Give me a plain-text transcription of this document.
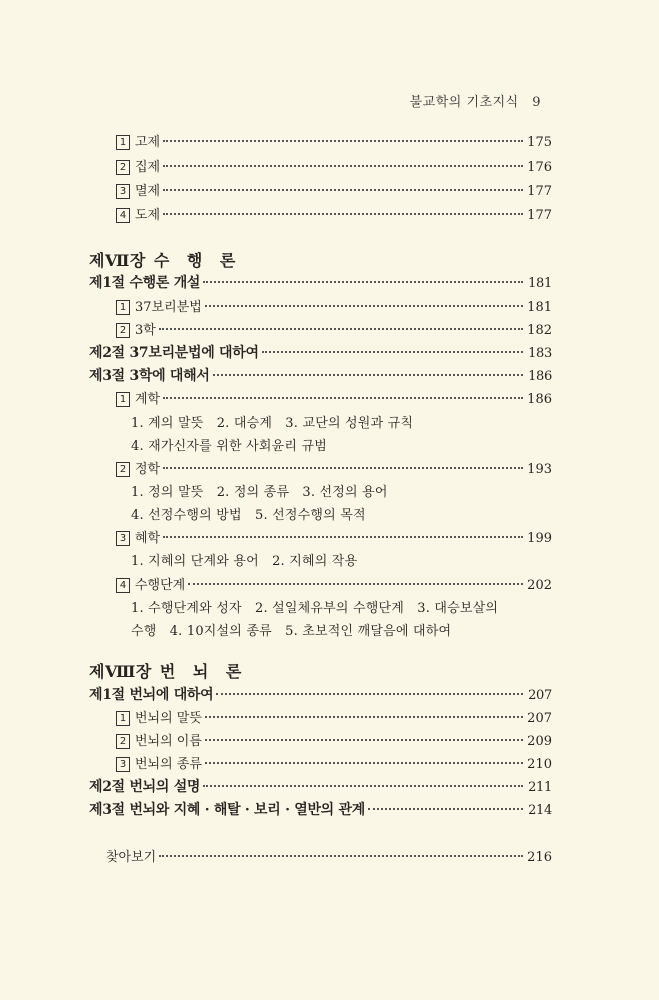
불교학의 기초지식　9
1 고제	175
2 집제	176
3 멸제	177
4 도제	177
제Ⅶ장 수 행 론
제1절 수행론 개설	181
1 37보리분법	181
2 3학	182
제2절 37보리분법에 대하여	183
제3절 3학에 대해서	186
1 계학	186
1. 계의 말뜻　2. 대승계　3. 교단의 성원과 규칙
4. 재가신자를 위한 사회윤리 규범
2 정학	193
1. 정의 말뜻　2. 정의 종류　3. 선정의 용어
4. 선정수행의 방법　5. 선정수행의 목적
3 혜학	199
1. 지혜의 단계와 용어　2. 지혜의 작용
4 수행단계	202
1. 수행단계와 성자　2. 설일체유부의 수행단계　3. 대승보살의
수행　4. 10지설의 종류　5. 초보적인 깨달음에 대하여
제Ⅷ장 번 뇌 론
제1절 번뇌에 대하여	207
1 번뇌의 말뜻	207
2 번뇌의 이름	209
3 번뇌의 종류	210
제2절 번뇌의 설명	211
제3절 번뇌와 지혜 · 해탈 · 보리 · 열반의 관계	214
찾아보기	216
